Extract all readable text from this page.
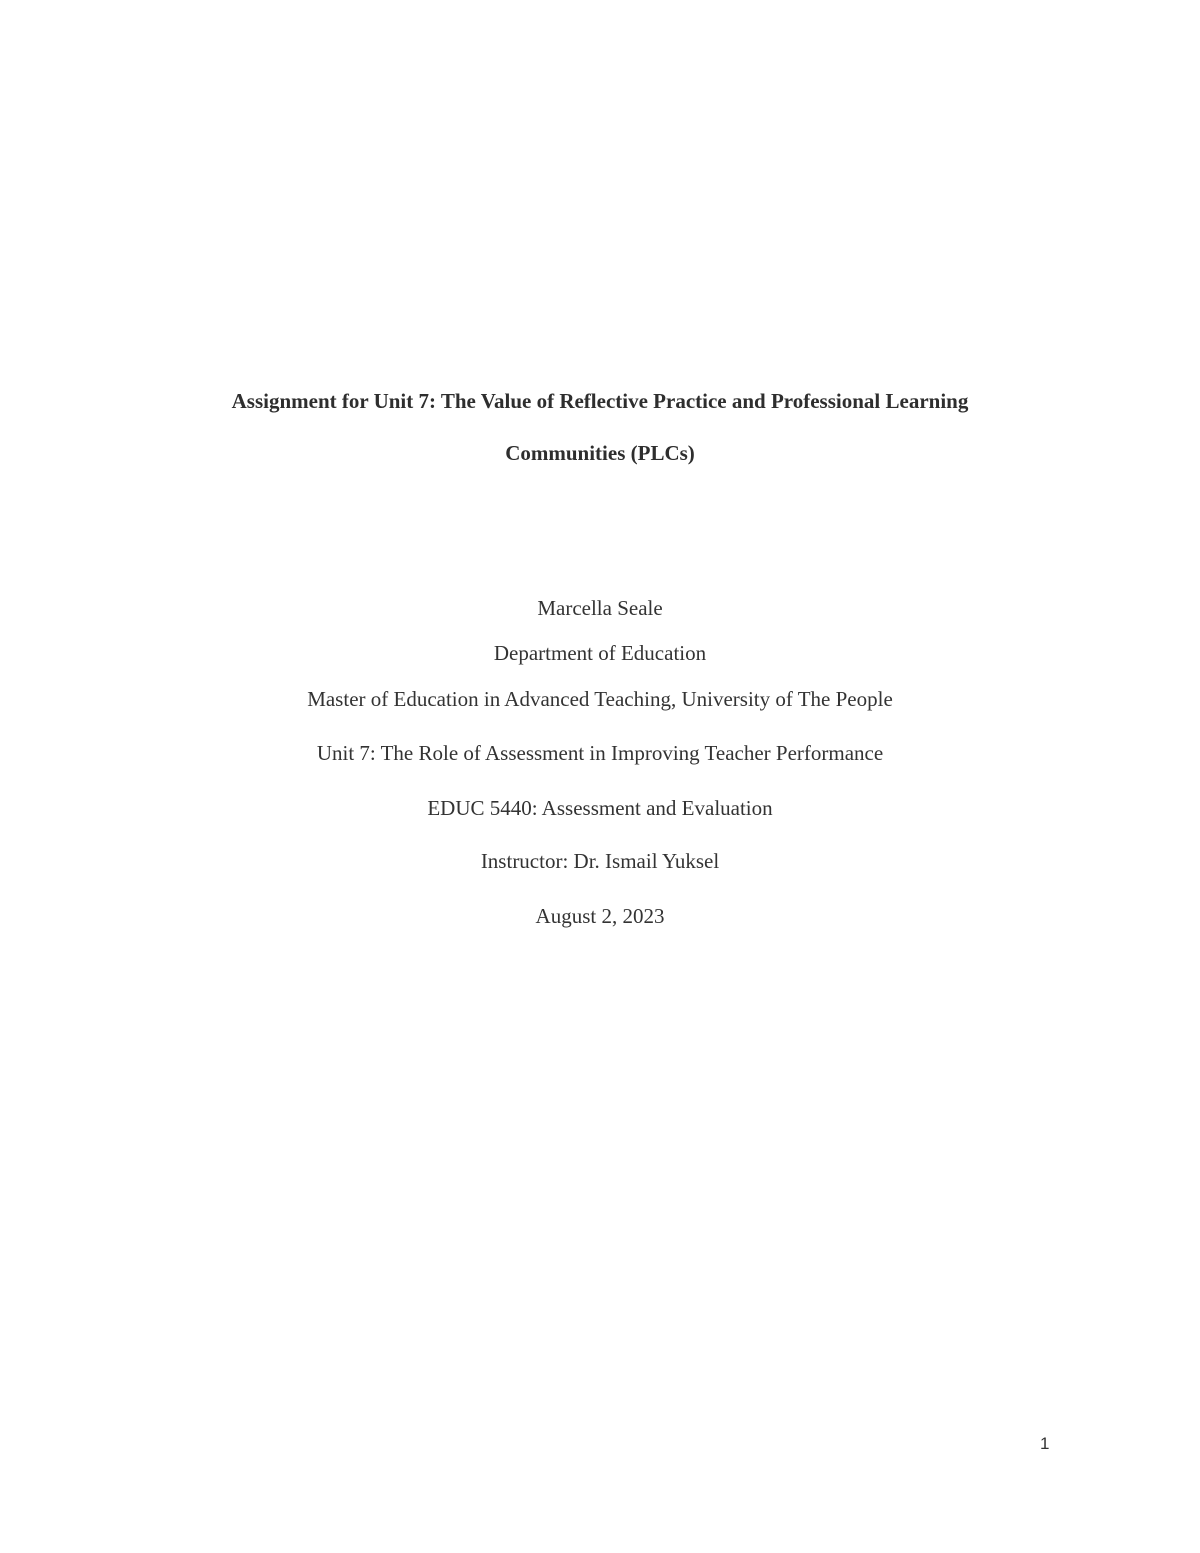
Assignment for Unit 7: The Value of Reflective Practice and Professional Learning
Communities (PLCs)

Marcella Seale

Department of Education

Master of Education in Advanced Teaching, University of The People

Unit 7: The Role of Assessment in Improving Teacher Performance

EDUC 5440: Assessment and Evaluation

Instructor: Dr. Ismail Yuksel

August 2, 2023

1
